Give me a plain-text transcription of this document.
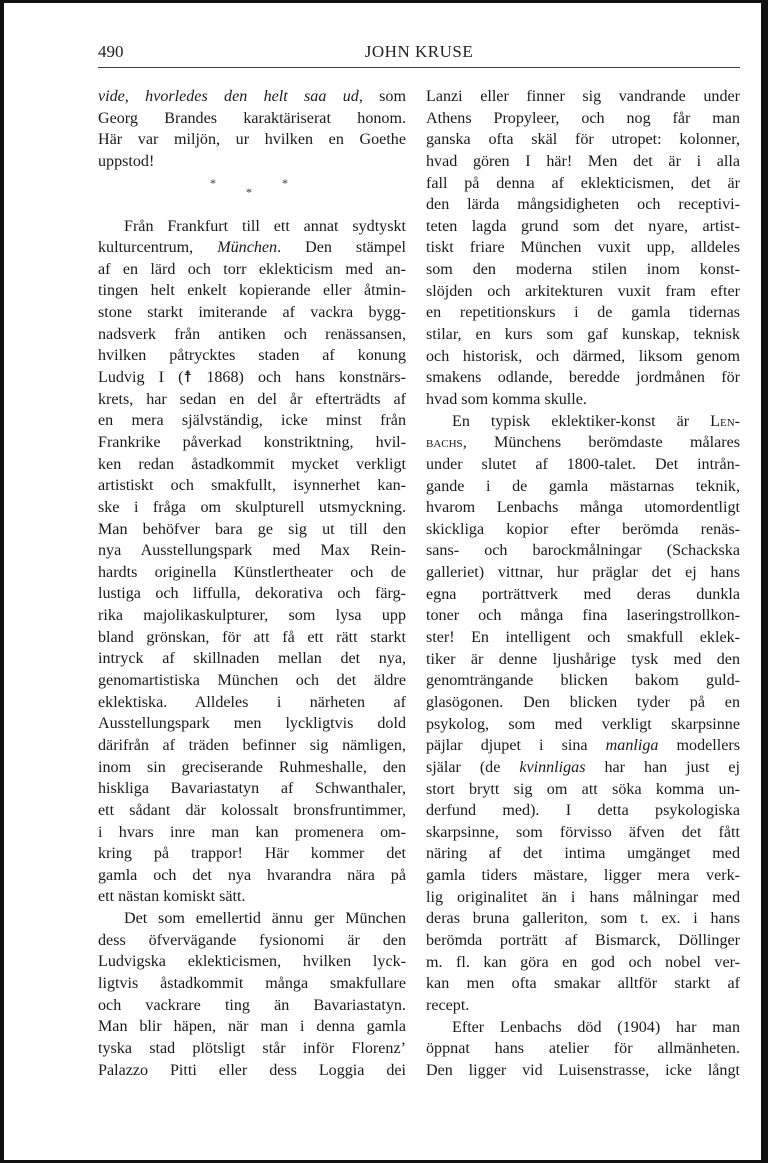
490	JOHN KRUSE
vide, hvorledes den helt saa ud, som
Georg Brandes karaktäriserat honom.
Här var miljön, ur hvilken en Goethe
uppstod!
*
*
*
Från Frankfurt till ett annat sydtyskt
kulturcentrum, München. Den stämpel
af en lärd och torr eklekticism med an-
tingen helt enkelt kopierande eller åtmin-
stone starkt imiterande af vackra bygg-
nadsverk från antiken och renässansen,
hvilken påtrycktes staden af konung
Ludvig I (☨ 1868) och hans konstnärs-
krets, har sedan en del år efterträdts af
en mera självständig, icke minst från
Frankrike påverkad konstriktning, hvil-
ken redan åstadkommit mycket verkligt
artistiskt och smakfullt, isynnerhet kan-
ske i fråga om skulpturell utsmyckning.
Man behöfver bara ge sig ut till den
nya Ausstellungspark med Max Rein-
hardts originella Künstlertheater och de
lustiga och liffulla, dekorativa och färg-
rika majolikaskulpturer, som lysa upp
bland grönskan, för att få ett rätt starkt
intryck af skillnaden mellan det nya,
genomartistiska München och det äldre
eklektiska. Alldeles i närheten af
Ausstellungspark men lyckligtvis dold
därifrån af träden befinner sig nämligen,
inom sin greciserande Ruhmeshalle, den
hiskliga Bavariastatyn af Schwanthaler,
ett sådant där kolossalt bronsfruntimmer,
i hvars inre man kan promenera om-
kring på trappor! Här kommer det
gamla och det nya hvarandra nära på
ett nästan komiskt sätt.
Det som emellertid ännu ger München
dess öfvervägande fysionomi är den
Ludvigska eklekticismen, hvilken lyck-
ligtvis åstadkommit många smakfullare
och vackrare ting än Bavariastatyn.
Man blir häpen, när man i denna gamla
tyska stad plötsligt står inför Florenz’
Palazzo Pitti eller dess Loggia dei
Lanzi eller finner sig vandrande under
Athens Propyleer, och nog får man
ganska ofta skäl för utropet: kolonner,
hvad gören I här! Men det är i alla
fall på denna af eklekticismen, det är
den lärda mångsidigheten och receptivi-
teten lagda grund som det nyare, artist-
tiskt friare München vuxit upp, alldeles
som den moderna stilen inom konst-
slöjden och arkitekturen vuxit fram efter
en repetitionskurs i de gamla tidernas
stilar, en kurs som gaf kunskap, teknisk
och historisk, och därmed, liksom genom
smakens odlande, beredde jordmånen för
hvad som komma skulle.
En typisk eklektiker-konst är Len-
bachs, Münchens berömdaste målares
under slutet af 1800-talet. Det intrån-
gande i de gamla mästarnas teknik,
hvarom Lenbachs många utomordentligt
skickliga kopior efter berömda renäs-
sans- och barockmålningar (Schackska
galleriet) vittnar, hur präglar det ej hans
egna porträttverk med deras dunkla
toner och många fina laseringstrollkon-
ster! En intelligent och smakfull eklek-
tiker är denne ljushårige tysk med den
genomträngande blicken bakom guld-
glasögonen. Den blicken tyder på en
psykolog, som med verkligt skarpsinne
päjlar djupet i sina manliga modellers
själar (de kvinnligas har han just ej
stort brytt sig om att söka komma un-
derfund med). I detta psykologiska
skarpsinne, som förvisso äfven det fått
näring af det intima umgänget med
gamla tiders mästare, ligger mera verk-
lig originalitet än i hans målningar med
deras bruna galleriton, som t. ex. i hans
berömda porträtt af Bismarck, Döllinger
m. fl. kan göra en god och nobel ver-
kan men ofta smakar alltför starkt af
recept.
Efter Lenbachs död (1904) har man
öppnat hans atelier för allmänheten.
Den ligger vid Luisenstrasse, icke långt
